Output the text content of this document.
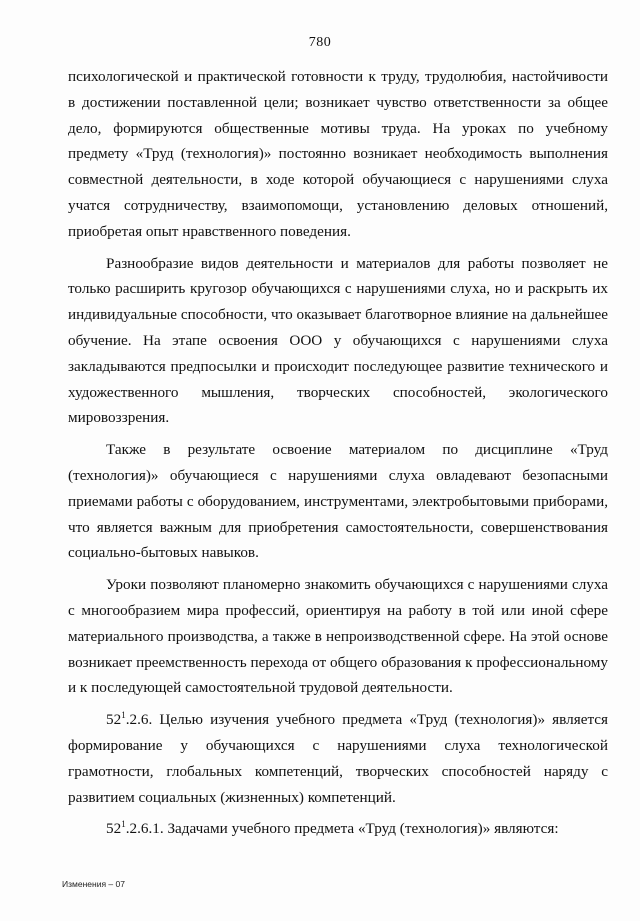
780

психологической и практической готовности к труду, трудолюбия, настойчивости в достижении поставленной цели; возникает чувство ответственности за общее дело, формируются общественные мотивы труда. На уроках по учебному предмету «Труд (технология)» постоянно возникает необходимость выполнения совместной деятельности, в ходе которой обучающиеся с нарушениями слуха учатся сотрудничеству, взаимопомощи, установлению деловых отношений, приобретая опыт нравственного поведения.

Разнообразие видов деятельности и материалов для работы позволяет не только расширить кругозор обучающихся с нарушениями слуха, но и раскрыть их индивидуальные способности, что оказывает благотворное влияние на дальнейшее обучение. На этапе освоения ООО у обучающихся с нарушениями слуха закладываются предпосылки и происходит последующее развитие технического и художественного мышления, творческих способностей, экологического мировоззрения.

Также в результате освоение материалом по дисциплине «Труд (технология)» обучающиеся с нарушениями слуха овладевают безопасными приемами работы с оборудованием, инструментами, электробытовыми приборами, что является важным для приобретения самостоятельности, совершенствования социально-бытовых навыков.

Уроки позволяют планомерно знакомить обучающихся с нарушениями слуха с многообразием мира профессий, ориентируя на работу в той или иной сфере материального производства, а также в непроизводственной сфере. На этой основе возникает преемственность перехода от общего образования к профессиональному и к последующей самостоятельной трудовой деятельности.

$52^1.2.6$. Целью изучения учебного предмета «Труд (технология)» является формирование у обучающихся с нарушениями слуха технологической грамотности, глобальных компетенций, творческих способностей наряду с развитием социальных (жизненных) компетенций.

$52^1.2.6.1$. Задачами учебного предмета «Труд (технология)» являются:

Изменения – 07
